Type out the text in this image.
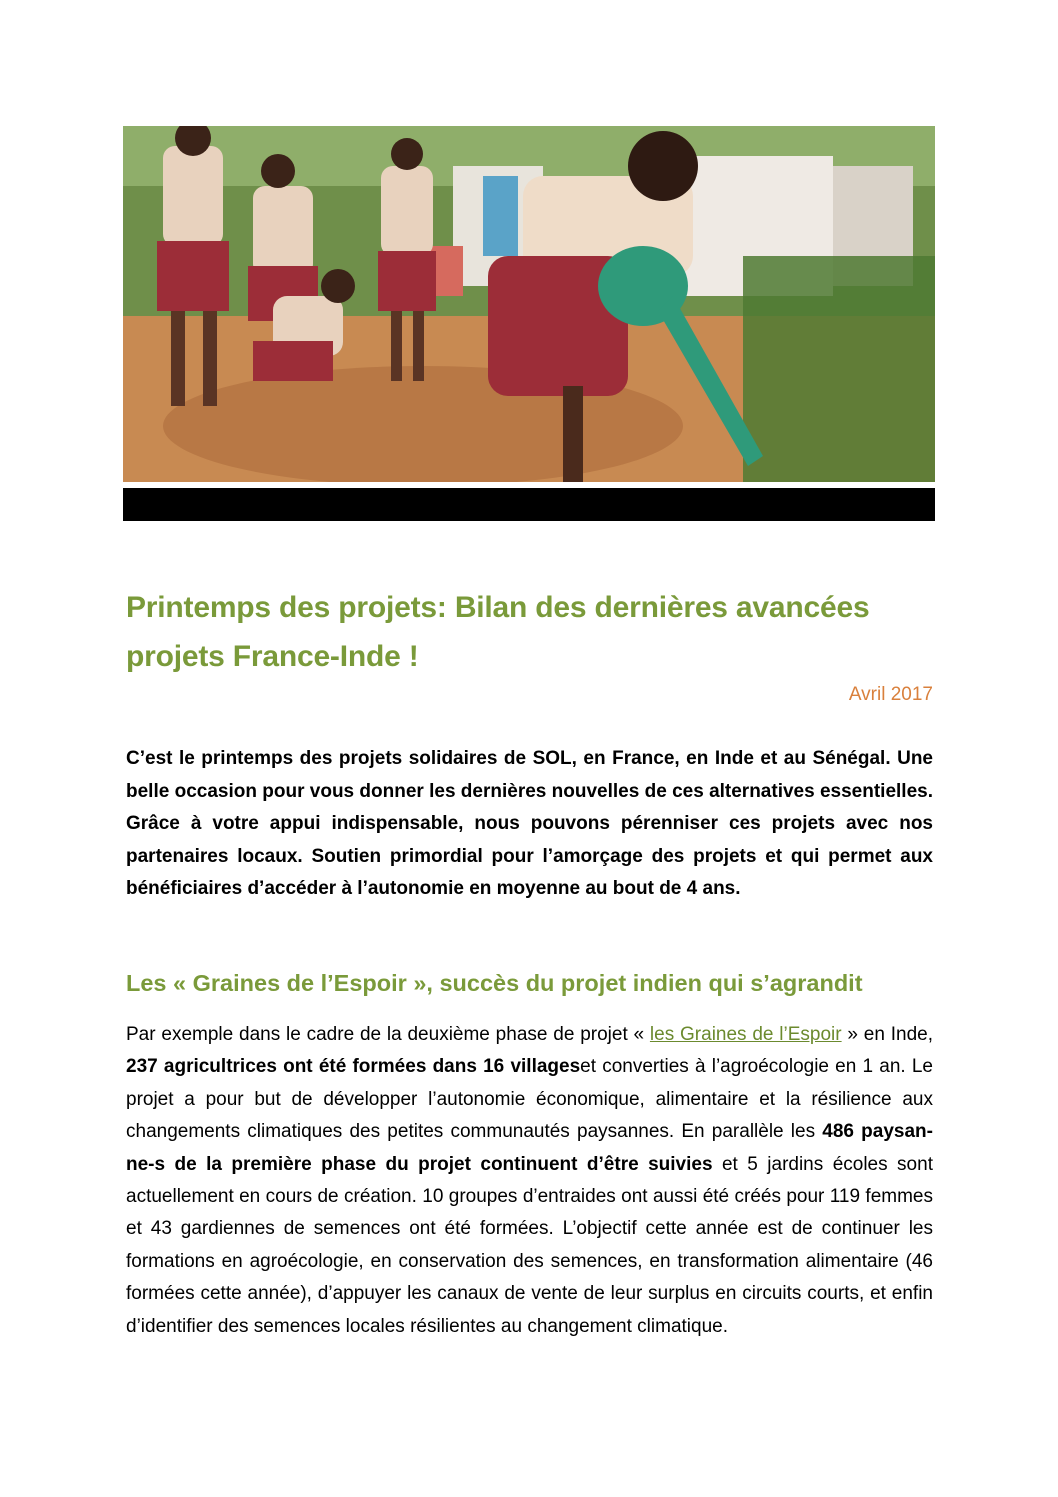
Printemps des projets: Bilan des dernières avancées projets France-Inde !

Avril 2017

C’est le printemps des projets solidaires de SOL, en France, en Inde et au Sénégal. Une belle occasion pour vous donner les dernières nouvelles de ces alternatives essentielles. Grâce à votre appui indispensable, nous pouvons pérenniser ces projets avec nos partenaires locaux. Soutien primordial pour l’amorçage des projets et qui permet aux bénéficiaires d’accéder à l’autonomie en moyenne au bout de 4 ans.

Les « Graines de l’Espoir », succès du projet indien qui s’agrandit

Par exemple dans le cadre de la deuxième phase de projet « les Graines de l’Espoir » en Inde, 237 agricultrices ont été formées dans 16 villageset converties à l’agroécologie en 1 an. Le projet a pour but de développer l’autonomie économique, alimentaire et la résilience aux changements climatiques des petites communautés paysannes. En parallèle les 486 paysan-ne-s de la première phase du projet continuent d’être suivies et 5 jardins écoles sont actuellement en cours de création. 10 groupes d’entraides ont aussi été créés pour 119 femmes et 43 gardiennes de semences ont été formées. L’objectif cette année est de continuer les formations en agroécologie, en conservation des semences, en transformation alimentaire (46 formées cette année), d’appuyer les canaux de vente de leur surplus en circuits courts, et enfin d’identifier des semences locales résilientes au changement climatique.
